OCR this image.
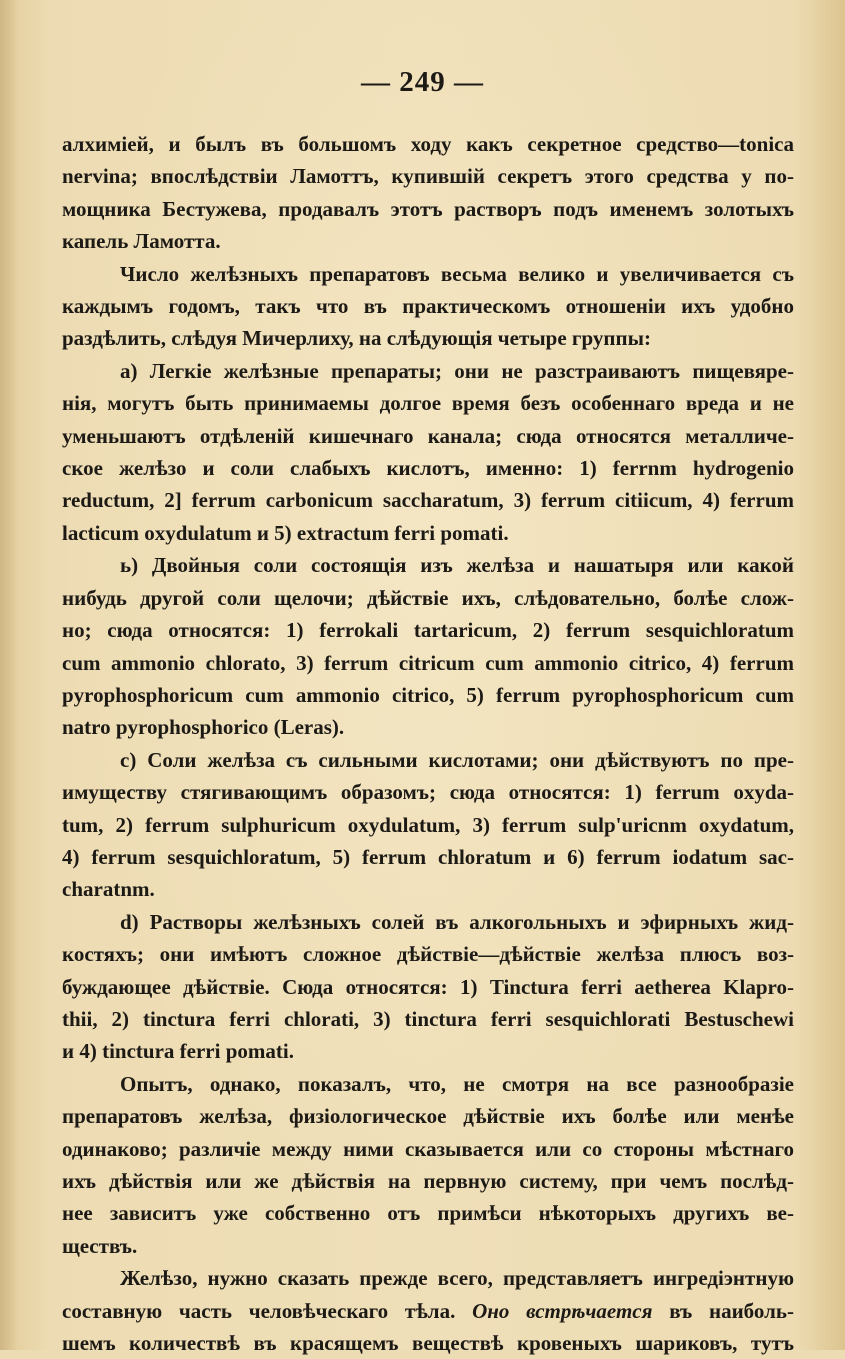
— 249 —
алхимiей, и былъ въ большомъ ходу какъ секретное средство—tonica
nervina; впослѣдствiи Ламоттъ, купившiй секретъ этого средства у по-
мощника Бестужева, продавалъ этотъ растворъ подъ именемъ золотыхъ
капель Ламотта.
Число желѣзныхъ препаратовъ весьма велико и увеличивается съ
каждымъ годомъ, такъ что въ практическомъ отношенiи ихъ удобно
раздѣлить, слѣдуя Мичерлиху, на слѣдующiя четыре группы:
а) Легкiе желѣзные препараты; они не разстраиваютъ пищевяре-
нiя, могутъ быть принимаемы долгое время безъ особеннаго вреда и не
уменьшаютъ отдѣленiй кишечнаго канала; сюда относятся металличе-
ское желѣзо и соли слабыхъ кислотъ, именно: 1) ferrnm hydrogenio
reductum, 2] ferrum carbonicum saccharatum, 3) ferrum citiicum, 4) ferrum
lacticum oxydulatum и 5) extractum ferri pomati.
ь) Двойныя соли состоящiя изъ желѣза и нашатыря или какой
нибудь другой соли щелочи; дѣйствiе ихъ, слѣдовательно, болѣе слож-
но; сюда относятся: 1) ferrokali tartaricum, 2) ferrum sesquichloratum
cum ammonio chlorato, 3) ferrum citricum cum ammonio citrico, 4) ferrum
pyrophosphoricum cum ammonio citrico, 5) ferrum pyrophosphoricum cum
natro pyrophosphorico (Leras).
с) Соли желѣза съ сильными кислотами; они дѣйствуютъ по пре-
имуществу стягивающимъ образомъ; сюда относятся: 1) ferrum oxyda-
tum, 2) ferrum sulphuricum oxydulatum, 3) ferrum sulp'uricnm oxydatum,
4) ferrum sesquichloratum, 5) ferrum chloratum и 6) ferrum iodatum sac-
charatnm.
d) Растворы желѣзныхъ солей въ алкогольныхъ и эфирныхъ жид-
костяхъ; они имѣютъ сложное дѣйствiе—дѣйствiе желѣза плюсъ воз-
буждающее дѣйствiе. Сюда относятся: 1) Tinctura ferri aetherea Klapro-
thii, 2) tinctura ferri chlorati, 3) tinctura ferri sesquichlorati Bestuschewi
и 4) tinctura ferri pomati.
Опытъ, однако, показалъ, что, не смотря на все разнообразiе
препаратовъ желѣза, физiологическое дѣйствiе ихъ болѣе или менѣе
одинаково; различiе между ними сказывается или со стороны мѣстнаго
ихъ дѣйствiя или же дѣйствiя на первную систему, при чемъ послѣд-
нее зависитъ уже собственно отъ примѣси нѣкоторыхъ другихъ ве-
ществъ.
Желѣзо, нужно сказать прежде всего, представляетъ ингредiэнтную
составную часть человѣческаго тѣла. Оно встрѣчается въ наиболь-
шемъ количествѣ въ красящемъ веществѣ кровеныхъ шариковъ, тутъ
